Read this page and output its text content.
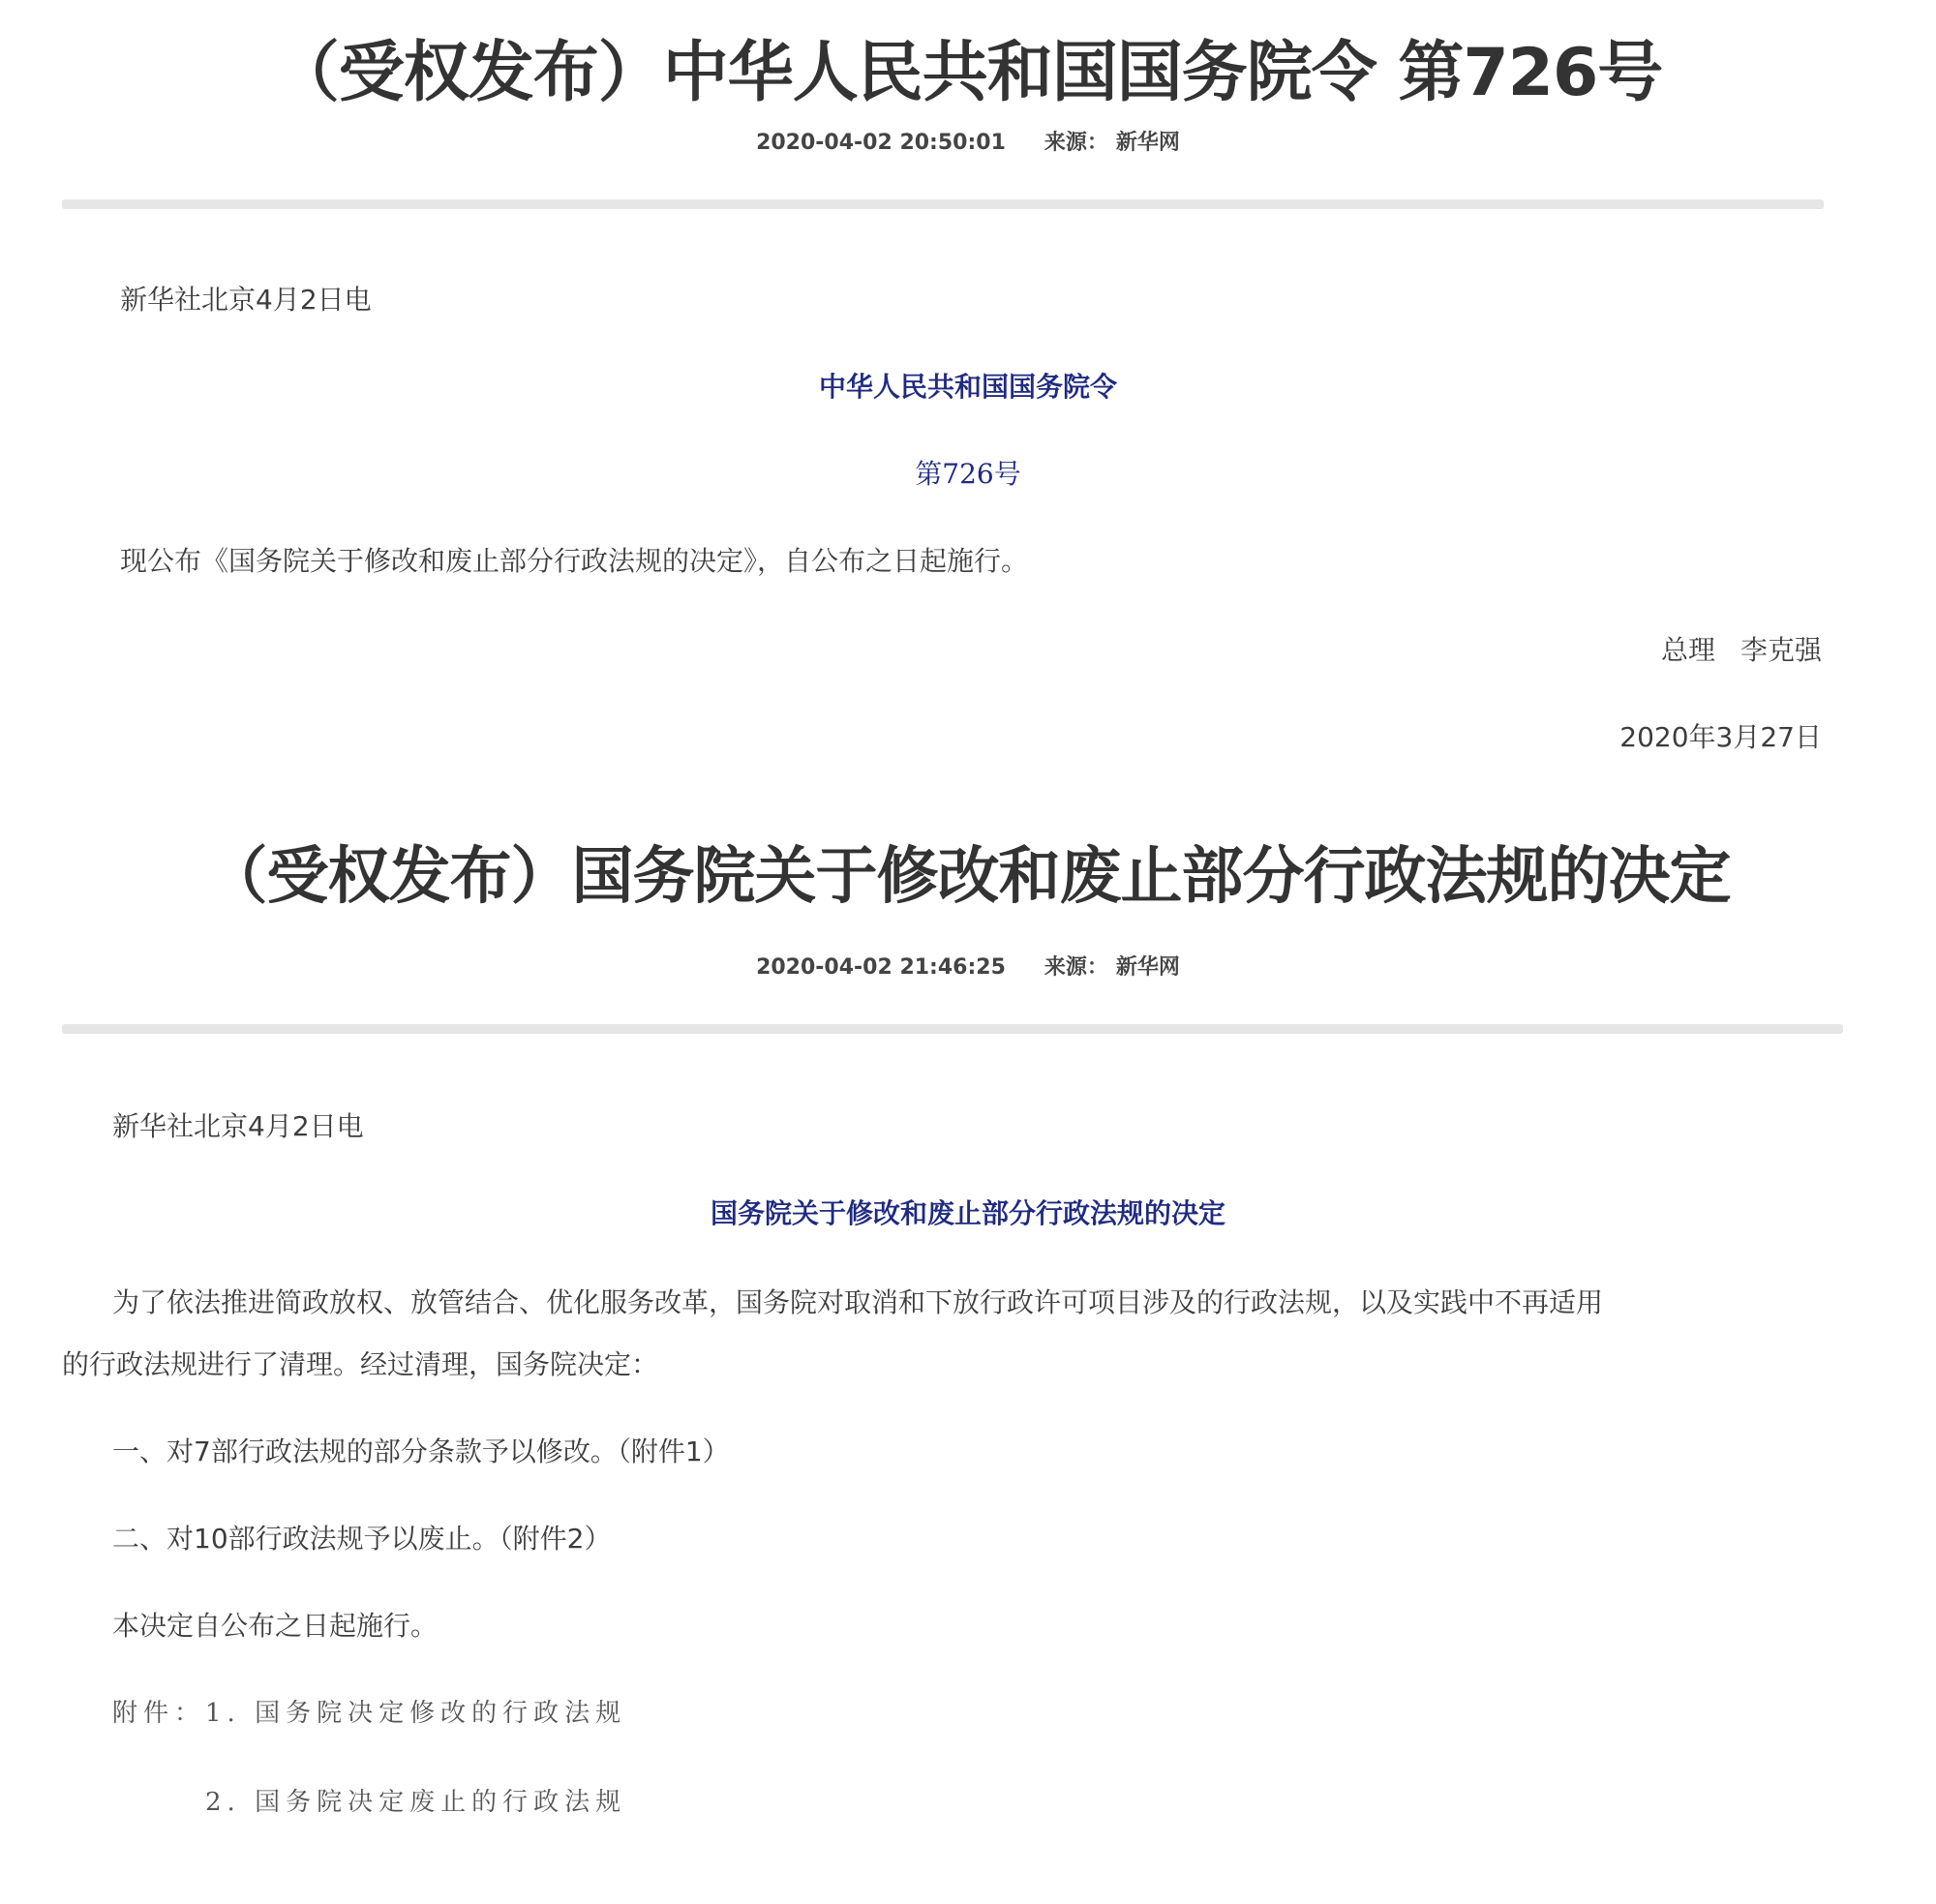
（受权发布）中华人民共和国国务院令 第726号
2020-04-02 20:50:01 来源： 新华网
新华社北京4月2日电
中华人民共和国国务院令
第726号
现公布《国务院关于修改和废止部分行政法规的决定》，自公布之日起施行。
总理 李克强
2020年3月27日
（受权发布）国务院关于修改和废止部分行政法规的决定
2020-04-02 21:46:25 来源： 新华网
新华社北京4月2日电
国务院关于修改和废止部分行政法规的决定
为了依法推进简政放权、放管结合、优化服务改革，国务院对取消和下放行政许可项目涉及的行政法规，以及实践中不再适用
的行政法规进行了清理。经过清理，国务院决定：
一、对7部行政法规的部分条款予以修改。（附件1）
二、对10部行政法规予以废止。（附件2）
本决定自公布之日起施行。
附件：1. 国务院决定修改的行政法规
2. 国务院决定废止的行政法规
